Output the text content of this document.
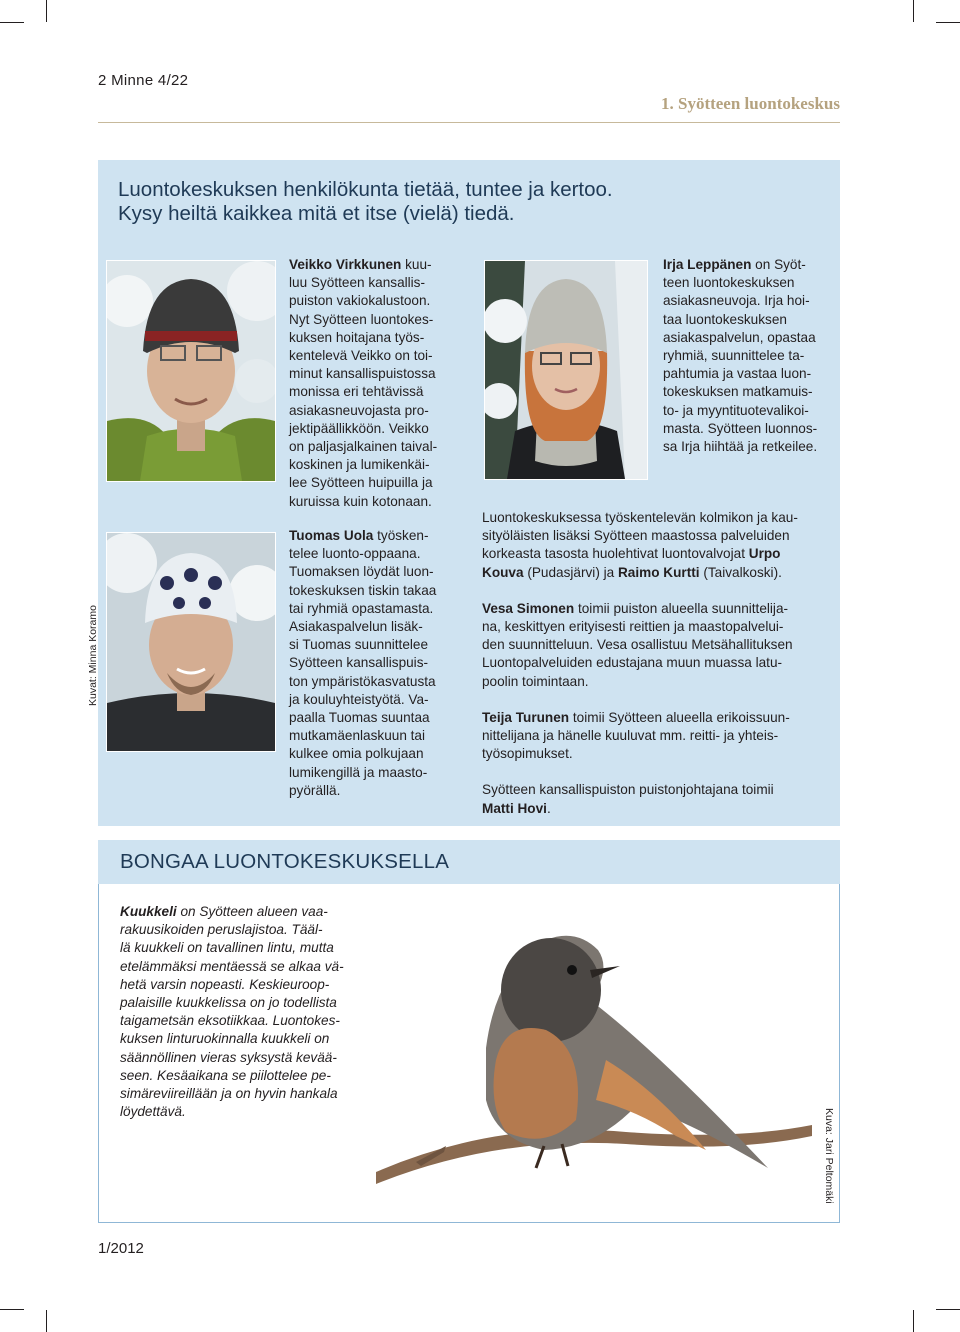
2 Minne 4/22
1. Syötteen luontokeskus
Luontokeskuksen henkilökunta tietää, tuntee ja kertoo.
Kysy heiltä kaikkea mitä et itse (vielä) tiedä.
Kuvat: Minna Koramo
Veikko Virkkunen kuu-
luu Syötteen kansallis-
puiston vakiokalustoon.
Nyt Syötteen luontokes-
kuksen hoitajana työs-
kentelevä Veikko on toi-
minut kansallispuistossa
monissa eri tehtävissä
asiakasneuvojasta pro-
jektipäällikköön. Veikko
on paljasjalkainen taival-
koskinen ja lumikenkäi-
lee Syötteen huipuilla ja
kuruissa kuin kotonaan.
Tuomas Uola työsken-
telee luonto-oppaana.
Tuomaksen löydät luon-
tokeskuksen tiskin takaa
tai ryhmiä opastamasta.
Asiakaspalvelun lisäk-
si Tuomas suunnittelee
Syötteen kansallispuis-
ton ympäristökasvatusta
ja kouluyhteistyötä. Va-
paalla Tuomas suuntaa
mutkamäenlaskuun tai
kulkee omia polkujaan
lumikengillä ja maasto-
pyörällä.
Irja Leppänen on Syöt-
teen luontokeskuksen
asiakasneuvoja. Irja hoi-
taa luontokeskuksen
asiakaspalvelun, opastaa
ryhmiä, suunnittelee ta-
pahtumia ja vastaa luon-
tokeskuksen matkamuis-
to- ja myyntituotevalikoi-
masta. Syötteen luonnos-
sa Irja hiihtää ja retkeilee.

Luontokeskuksessa työskentelevän kolmikon ja kau-
sityöläisten lisäksi Syötteen maastossa palveluiden
korkeasta tasosta huolehtivat luontovalvojat Urpo
Kouva (Pudasjärvi) ja Raimo Kurtti (Taivalkoski).

Vesa Simonen toimii puiston alueella suunnittelija-
na, keskittyen erityisesti reittien ja maastopalvelui-
den suunnitteluun. Vesa osallistuu Metsähallituksen
Luontopalveluiden edustajana muun muassa latu-
poolin toimintaan.

Teija Turunen toimii Syötteen alueella erikoissuun-
nittelijana ja hänelle kuuluvat mm. reitti- ja yhteis-
työsopimukset.

Syötteen kansallispuiston puistonjohtajana toimii
Matti Hovi.

BONGAA LUONTOKESKUKSELLA
Kuukkeli on Syötteen alueen vaa-
rakuusikoiden peruslajistoa. Tääl-
lä kuukkeli on tavallinen lintu, mutta
etelämmäksi mentäessä se alkaa vä-
hetä varsin nopeasti. Keskieuroop-
palaisille kuukkelissa on jo todellista
taigametsän eksotiikkaa. Luontokes-
kuksen linturuokinnalla kuukkeli on
säännöllinen vieras syksystä kevää-
seen. Kesäaikana se piilottelee pe-
simäreviireillään ja on hyvin hankala
löydettävä.	Kuva: Jari Peltomäki
1/2012
